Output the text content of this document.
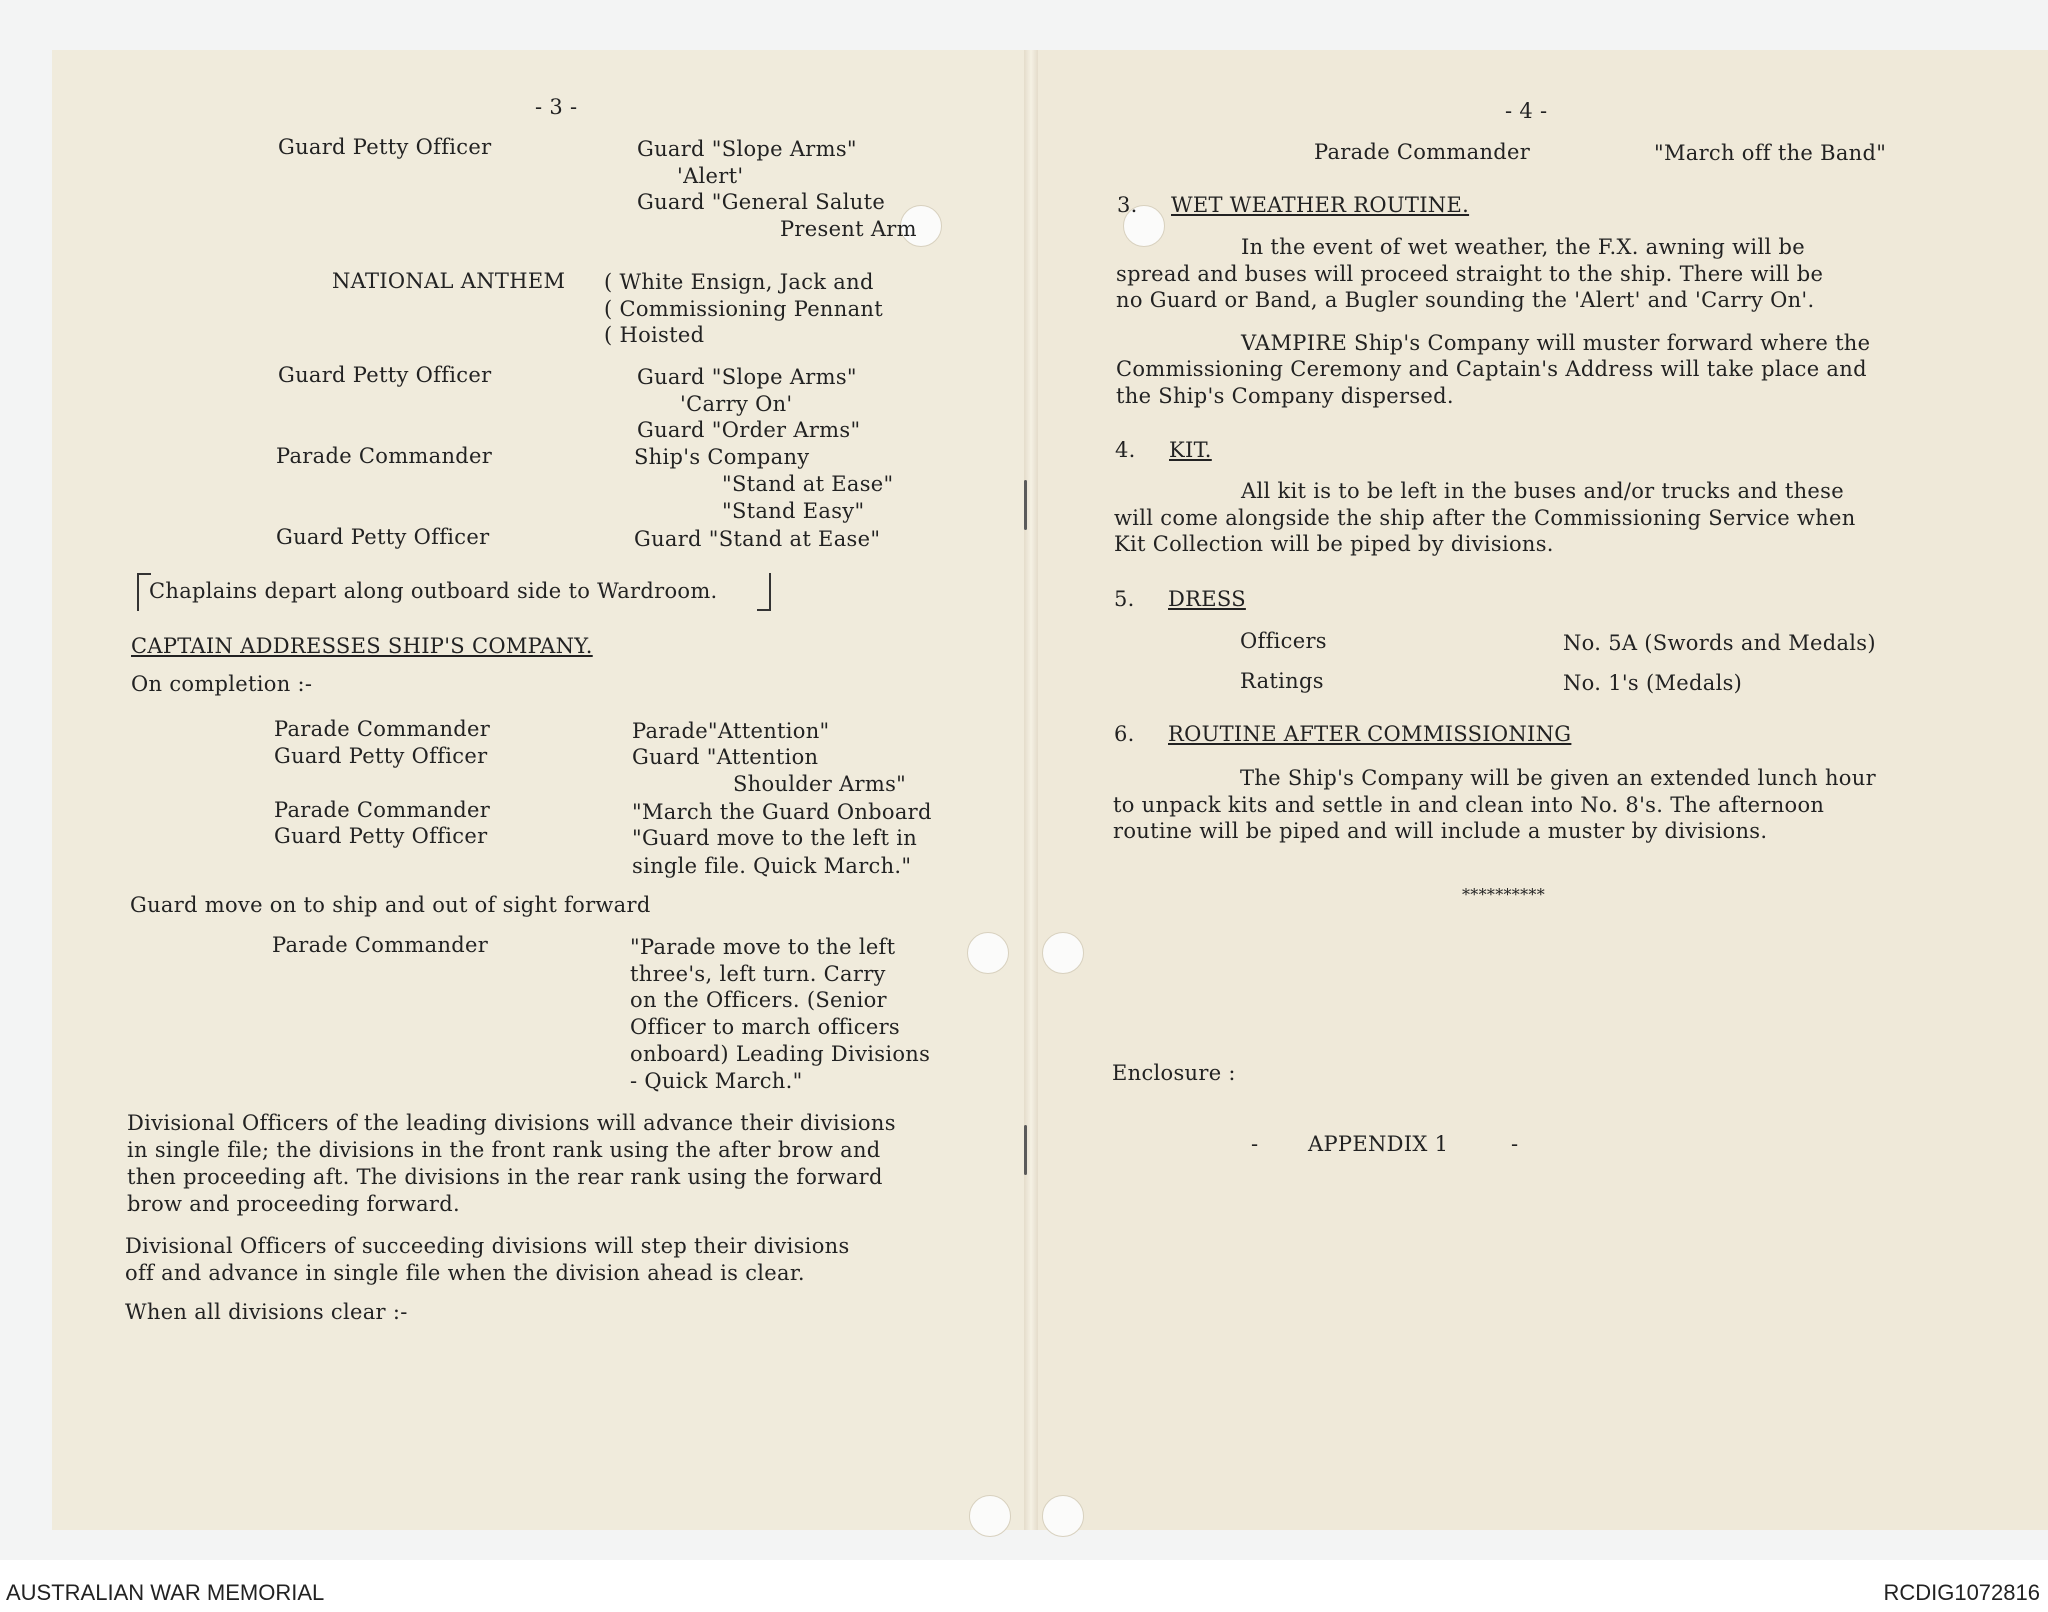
- 3 -
Guard Petty Officer	Guard "Slope Arms"
'Alert'
Guard "General Salute
Present Arm
NATIONAL ANTHEM ( White Ensign, Jack and
( Commissioning Pennant
( Hoisted
Guard Petty Officer	Guard "Slope Arms"
'Carry On'
Guard "Order Arms"
Parade Commander	Ship's Company
"Stand at Ease"
"Stand Easy"
Guard Petty Officer	Guard "Stand at Ease"
Chaplains depart along outboard side to Wardroom.
CAPTAIN ADDRESSES SHIP'S COMPANY.
On completion :-
Parade Commander	Parade"Attention"
Guard Petty Officer	Guard "Attention
Shoulder Arms"
Parade Commander	"March the Guard Onboard
Guard Petty Officer	"Guard move to the left in
single file. Quick March."
Guard move on to ship and out of sight forward
Parade Commander	"Parade move to the left
three's, left turn. Carry
on the Officers. (Senior
Officer to march officers
onboard) Leading Divisions
- Quick March."
Divisional Officers of the leading divisions will advance their divisions
in single file; the divisions in the front rank using the after brow and
then proceeding aft. The divisions in the rear rank using the forward
brow and proceeding forward.
Divisional Officers of succeeding divisions will step their divisions
off and advance in single file when the division ahead is clear.
When all divisions clear :-
- 4 -
Parade Commander	"March off the Band"
3. WET WEATHER ROUTINE.
In the event of wet weather, the F.X. awning will be
spread and buses will proceed straight to the ship. There will be
no Guard or Band, a Bugler sounding the 'Alert' and 'Carry On'.
VAMPIRE Ship's Company will muster forward where the
Commissioning Ceremony and Captain's Address will take place and
the Ship's Company dispersed.
4. KIT.
All kit is to be left in the buses and/or trucks and these
will come alongside the ship after the Commissioning Service when
Kit Collection will be piped by divisions.
5. DRESS
Officers	No. 5A (Swords and Medals)
Ratings	No. 1's (Medals)
6. ROUTINE AFTER COMMISSIONING
The Ship's Company will be given an extended lunch hour
to unpack kits and settle in and clean into No. 8's. The afternoon
routine will be piped and will include a muster by divisions.
**********
Enclosure :
- APPENDIX 1	-
AUSTRALIAN WAR MEMORIAL	RCDIG1072816
